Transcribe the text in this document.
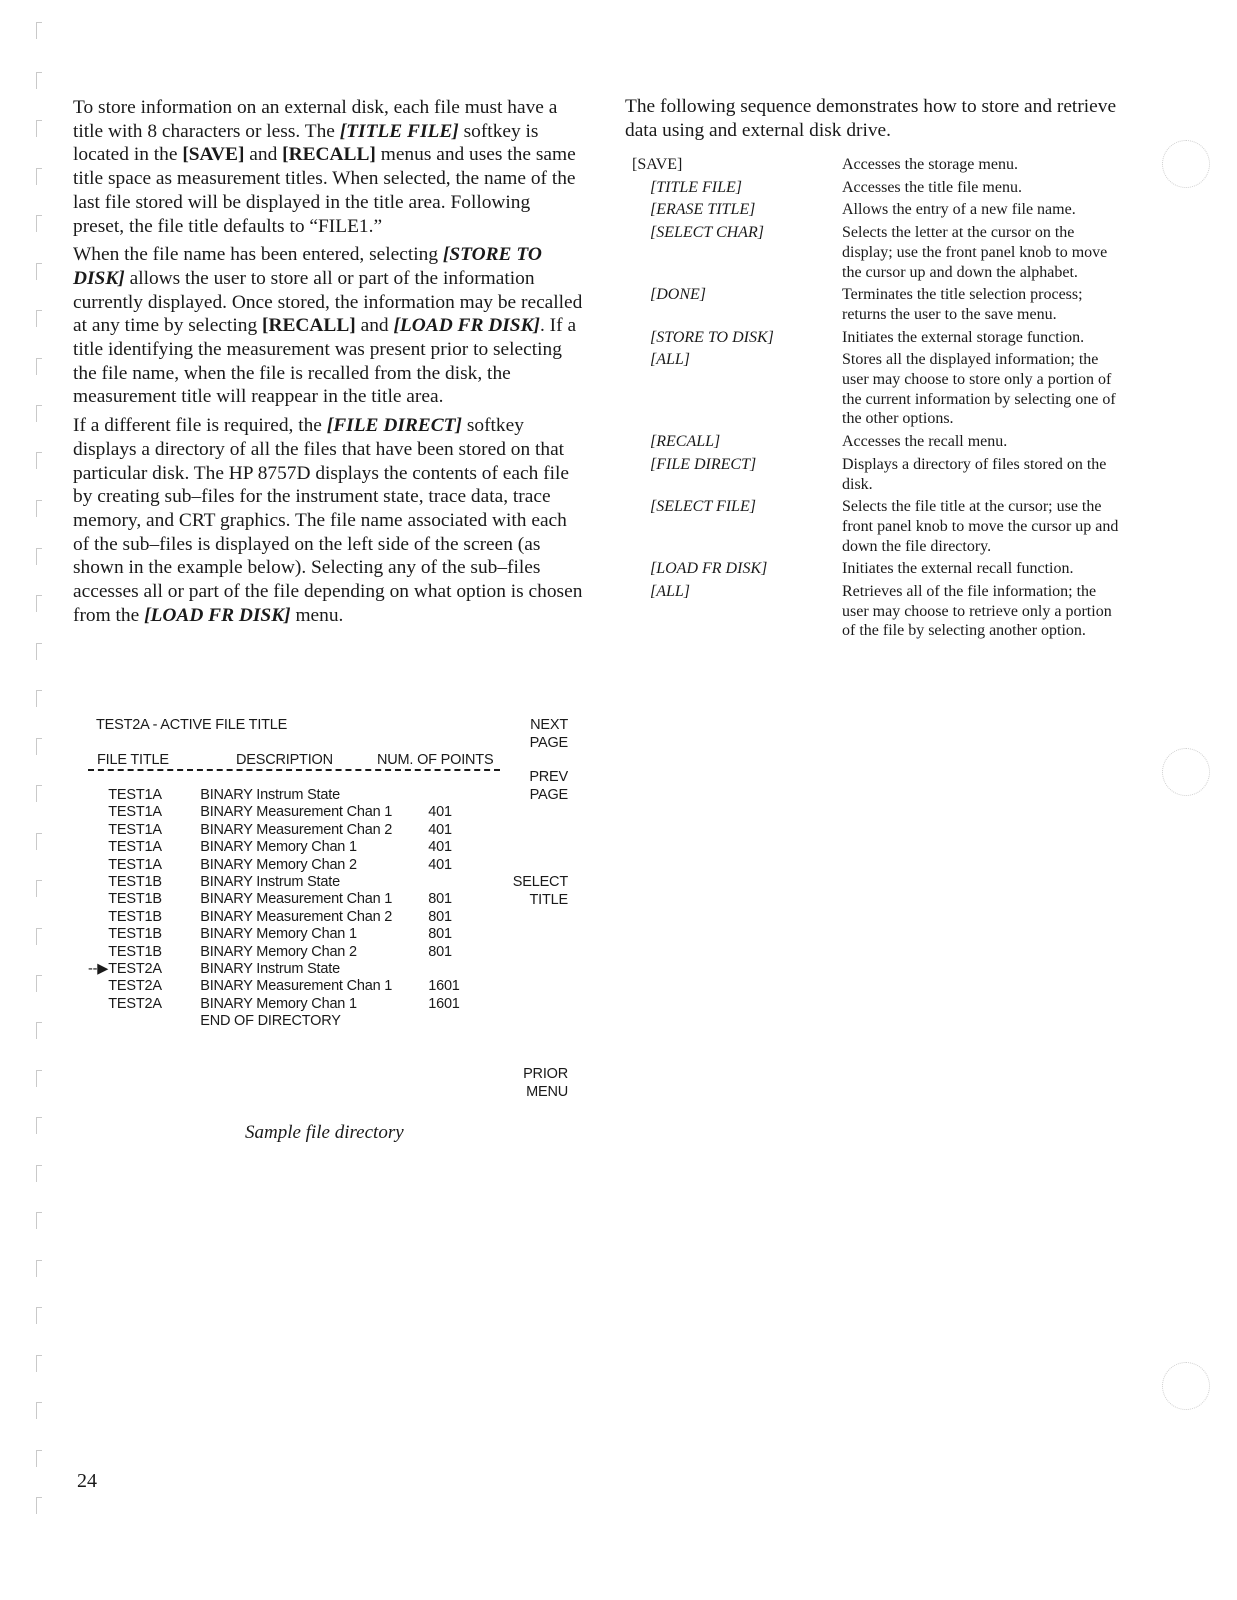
To store information on an external disk, each file must have a title with 8 characters or less. The [TITLE FILE] softkey is located in the [SAVE] and [RECALL] menus and uses the same title space as measurement titles. When selected, the name of the last file stored will be displayed in the title area. Following preset, the file title defaults to “FILE1.”

When the file name has been entered, selecting [STORE TO DISK] allows the user to store all or part of the information currently displayed. Once stored, the information may be recalled at any time by selecting [RECALL] and [LOAD FR DISK]. If a title identifying the measurement was present prior to selecting the file name, when the file is recalled from the disk, the measurement title will reappear in the title area.

If a different file is required, the [FILE DIRECT] softkey displays a directory of all the files that have been stored on that particular disk. The HP 8757D displays the contents of each file by creating sub–files for the instrument state, trace data, trace memory, and CRT graphics. The file name associated with each of the sub–files is displayed on the left side of the screen (as shown in the example below). Selecting any of the sub–files accesses all or part of the file depending on what option is chosen from the [LOAD FR DISK] menu.

TEST2A - ACTIVE FILE TITLE
FILE TITLE	DESCRIPTION	NUM. OF POINTS
	TEST1A	BINARY Instrum State	
	TEST1A	BINARY Measurement Chan 1	401
	TEST1A	BINARY Measurement Chan 2	401
	TEST1A	BINARY Memory Chan 1	401
	TEST1A	BINARY Memory Chan 2	401
	TEST1B	BINARY Instrum State	
	TEST1B	BINARY Measurement Chan 1	801
	TEST1B	BINARY Measurement Chan 2	801
	TEST1B	BINARY Memory Chan 1	801
	TEST1B	BINARY Memory Chan 2	801
--▶	TEST2A	BINARY Instrum State	
	TEST2A	BINARY Measurement Chan 1	1601
	TEST2A	BINARY Memory Chan 1	1601
		END OF DIRECTORY	
NEXT
PAGE
PREV
PAGE
SELECT
TITLE
PRIOR
MENU
Sample file directory

The following sequence demonstrates how to store and retrieve data using and external disk drive.

[SAVE]	Accesses the storage menu.
[TITLE FILE]	Accesses the title file menu.
[ERASE TITLE]	Allows the entry of a new file name.
[SELECT CHAR]	Selects the letter at the cursor on the display; use the front panel knob to move the cursor up and down the alphabet.
[DONE]	Terminates the title selection process; returns the user to the save menu.
[STORE TO DISK]	Initiates the external storage function.
[ALL]	Stores all the displayed information; the user may choose to store only a portion of the current information by selecting one of the other options.
[RECALL]	Accesses the recall menu.
[FILE DIRECT]	Displays a directory of files stored on the disk.
[SELECT FILE]	Selects the file title at the cursor; use the front panel knob to move the cursor up and down the file directory.
[LOAD FR DISK]	Initiates the external recall function.
[ALL]	Retrieves all of the file information; the user may choose to retrieve only a portion of the file by selecting another option.
24
